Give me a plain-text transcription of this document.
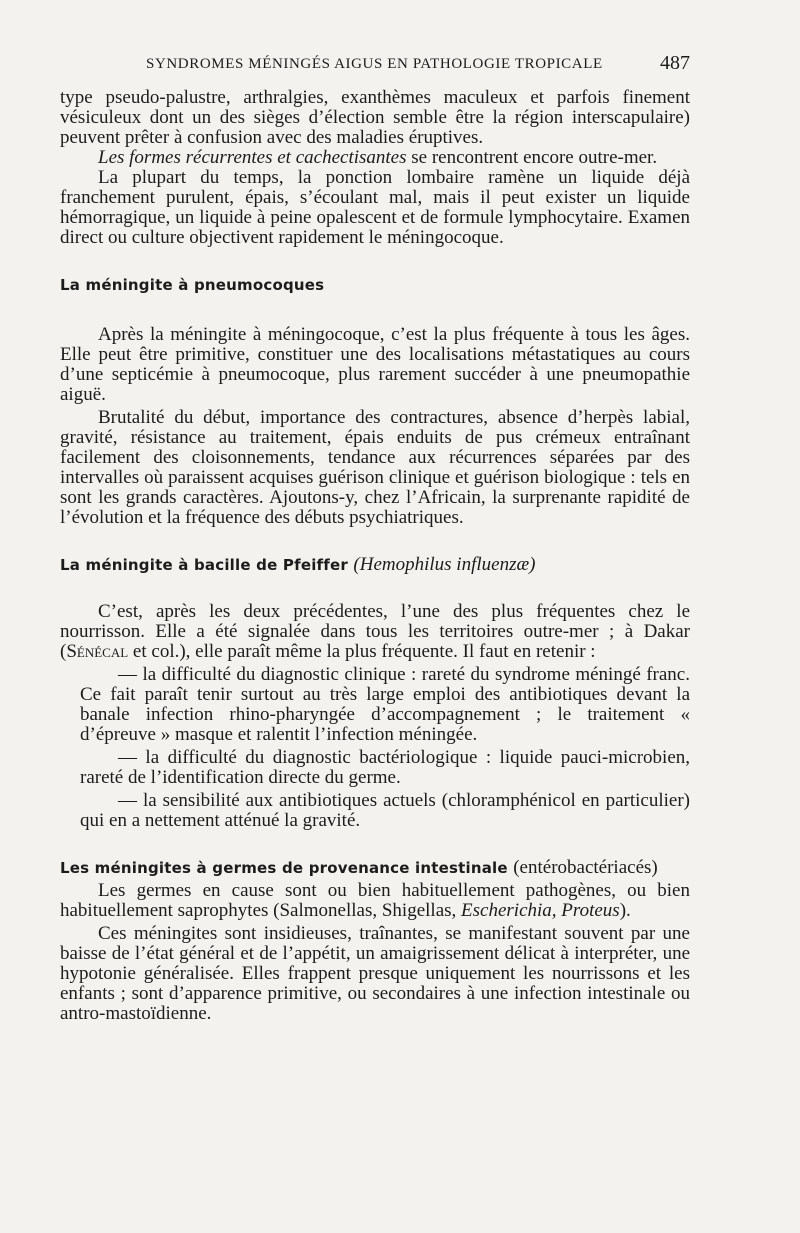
SYNDROMES MÉNINGÉS AIGUS EN PATHOLOGIE TROPICALE	487

type pseudo-palustre, arthralgies, exanthèmes maculeux et parfois finement vésiculeux dont un des sièges d’élection semble être la région interscapulaire) peuvent prêter à confusion avec des maladies éruptives.

Les formes récurrentes et cachectisantes se rencontrent encore outre-mer.

La plupart du temps, la ponction lombaire ramène un liquide déjà franchement purulent, épais, s’écoulant mal, mais il peut exister un liquide hémorragique, un liquide à peine opalescent et de formule lymphocytaire. Examen direct ou culture objectivent rapidement le méningocoque.

La méningite à pneumocoques

Après la méningite à méningocoque, c’est la plus fréquente à tous les âges. Elle peut être primitive, constituer une des localisations métastatiques au cours d’une septicémie à pneumocoque, plus rarement succéder à une pneumopathie aiguë.

Brutalité du début, importance des contractures, absence d’herpès labial, gravité, résistance au traitement, épais enduits de pus crémeux entraînant facilement des cloisonnements, tendance aux récurrences séparées par des intervalles où paraissent acquises guérison clinique et guérison biologique : tels en sont les grands caractères. Ajoutons-y, chez l’Africain, la surprenante rapidité de l’évolution et la fréquence des débuts psychiatriques.

La méningite à bacille de Pfeiffer (Hemophilus influenzæ)

C’est, après les deux précédentes, l’une des plus fréquentes chez le nourrisson. Elle a été signalée dans tous les territoires outre-mer ; à Dakar (Sénécal et col.), elle paraît même la plus fréquente. Il faut en retenir :

— la difficulté du diagnostic clinique : rareté du syndrome méningé franc. Ce fait paraît tenir surtout au très large emploi des antibiotiques devant la banale infection rhino-pharyngée d’accompagnement ; le traitement « d’épreuve » masque et ralentit l’infection méningée.

— la difficulté du diagnostic bactériologique : liquide pauci-microbien, rareté de l’identification directe du germe.

— la sensibilité aux antibiotiques actuels (chloramphénicol en particulier) qui en a nettement atténué la gravité.

Les méningites à germes de provenance intestinale (entérobactériacés)

Les germes en cause sont ou bien habituellement pathogènes, ou bien habituellement saprophytes (Salmonellas, Shigellas, Escherichia, Proteus).

Ces méningites sont insidieuses, traînantes, se manifestant souvent par une baisse de l’état général et de l’appétit, un amaigrissement délicat à interpréter, une hypotonie généralisée. Elles frappent presque uniquement les nourrissons et les enfants ; sont d’apparence primitive, ou secondaires à une infection intestinale ou antro-mastoïdienne.
